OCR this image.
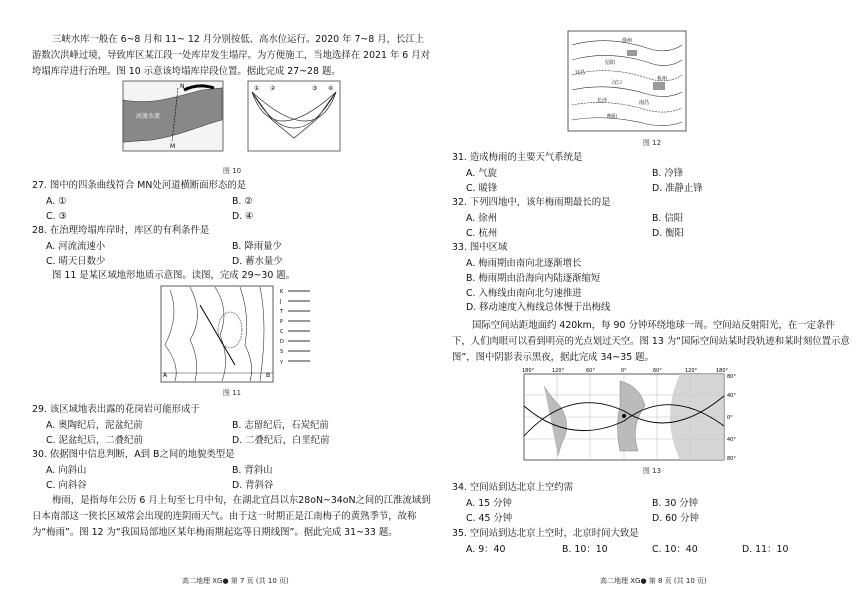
三峡水库一般在 6~8 月和 11~ 12 月分别按低、高水位运行。2020 年 7~8 月，长江上游数次洪峰过境，导致库区某江段一处库岸发生塌岸。为方便施工，当地选择在 2021 年 6 月对垮塌库岸进行治理。图 10 示意该垮塌库岸段位置。据此完成 27~28 题。

河流水流
N
M
① ②	③ ④
图 10

27. 图中的四条曲线符合 MN处河道横断面形态的是

A. ①	B. ②
C. ③	D. ④

28. 在治理垮塌库岸时，库区的有利条件是

A. 河流流速小	B. 降雨量少
C. 晴天日数少	D. 蓄水量少

图 11 是某区域地形地质示意图。读图，完成 29~30 题。

A	B
K
J
T
P
C
D
S
γ
图 11

29. 该区域地表出露的花岗岩可能形成于

A. 奥陶纪后，泥盆纪前	B. 志留纪后，石炭纪前
C. 泥盆纪后，二叠纪前	D. 二叠纪后，白垩纪前

30. 依据图中信息判断，A到 B之间的地貌类型是

A. 向斜山	B. 背斜山
C. 向斜谷	D. 背斜谷

梅雨，是指每年公历 6 月上旬至七月中旬，在湖北宜昌以东28oN~34oN之间的江淮流域到日本南部这一狭长区域常会出现的连阴雨天气。由于这一时期正是江南梅子的黄熟季节，故称为“梅雨”。图 12 为“我国局部地区某年梅雨期起迄等日期线图”。据此完成 31~33 题。

高二地理 XG● 第 7 页 (共 10 页)
徐州
信阳
杭州
衡阳
南昌
汉口
宜昌
长沙
图 12

31. 造成梅雨的主要天气系统是

A. 气旋	B. 冷锋
C. 暖锋	D. 准静止锋

32. 下列四地中，该年梅雨期最长的是

A. 徐州	B. 信阳
C. 杭州	D. 衡阳

33. 图中区域

A. 梅雨期由南向北逐渐增长

B. 梅雨期由沿海向内陆逐渐缩短

C. 入梅线由南向北匀速推进

D. 移动速度入梅线总体慢于出梅线

国际空间站距地面约 420km，每 90 分钟环绕地球一周。空间站反射阳光，在一定条件下，人们肉眼可以看到明亮的光点划过天空。图 13 为“国际空间站某时段轨迹和某时刻位置示意图”，图中阴影表示黑夜，据此完成 34~35 题。

180°	120°	60°	0°	60°	120°	180°
80°
40°
0°
40°
80°
图 13

34. 空间站到达北京上空约需

A. 15 分钟	B. 30 分钟
C. 45 分钟	D. 60 分钟

35. 空间站到达北京上空时，北京时间大致是

A. 9：40	B. 10：10	C. 10：40	D. 11：10
高二地理 XG● 第 8 页 (共 10 页)
